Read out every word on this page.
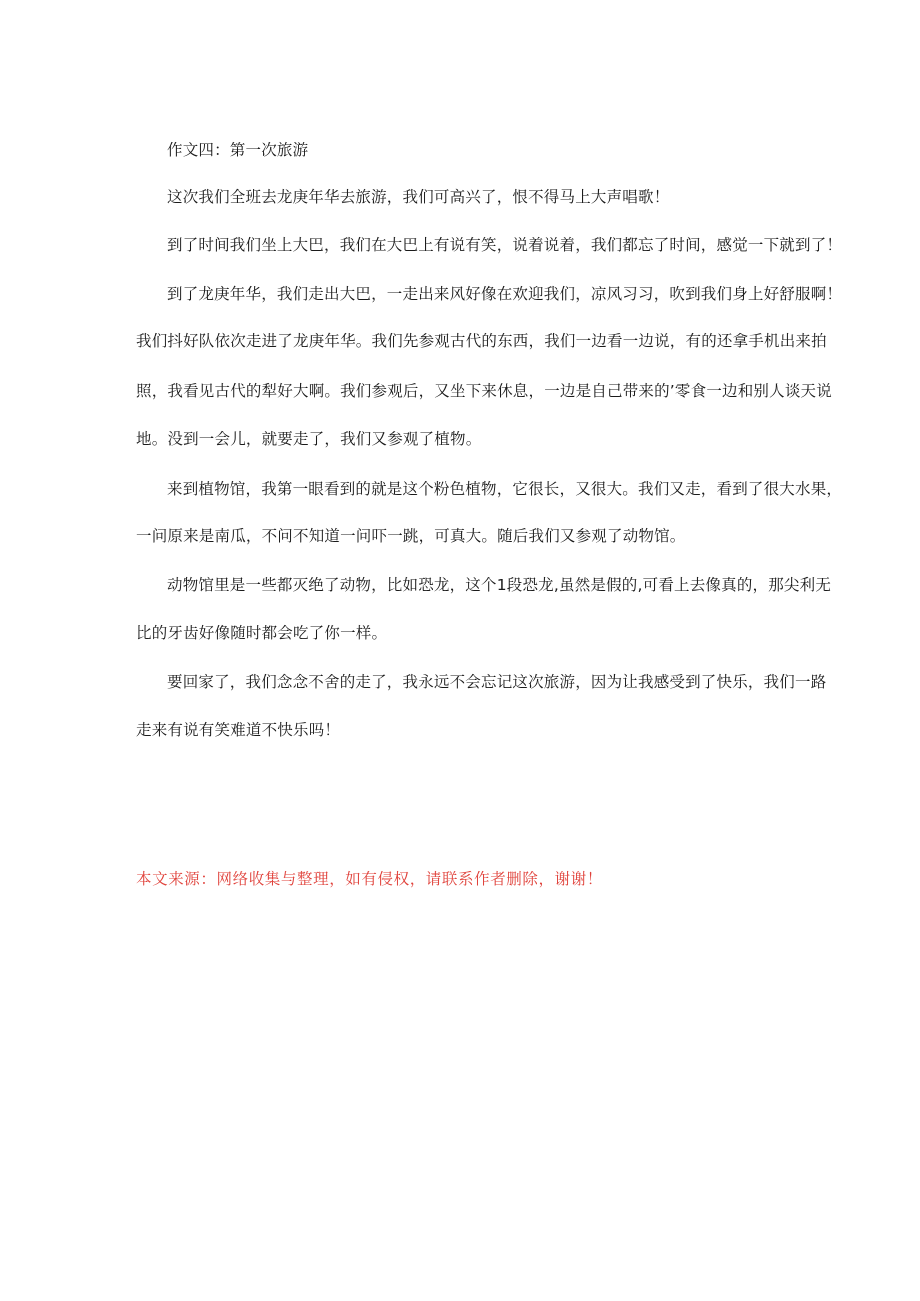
作文四：第一次旅游
这次我们全班去龙庚年华去旅游，我们可高兴了，恨不得马上大声唱歌！
到了时间我们坐上大巴，我们在大巴上有说有笑，说着说着，我们都忘了时间，感觉一下就到了！
到了龙庚年华，我们走出大巴，一走出来风好像在欢迎我们，凉风习习，吹到我们身上好舒服啊！
我们抖好队依次走进了龙庚年华。我们先参观古代的东西，我们一边看一边说，有的还拿手机出来拍
照，我看见古代的犁好大啊。我们参观后，又坐下来休息，一边是自己带来的’零食一边和别人谈天说
地。没到一会儿，就要走了，我们又参观了植物。
来到植物馆，我第一眼看到的就是这个粉色植物，它很长，又很大。我们又走，看到了很大水果，
一问原来是南瓜，不问不知道一问吓一跳，可真大。随后我们又参观了动物馆。
动物馆里是一些都灭绝了动物，比如恐龙，这个1段恐龙,虽然是假的,可看上去像真的，那尖利无
比的牙齿好像随时都会吃了你一样。
要回家了，我们念念不舍的走了，我永远不会忘记这次旅游，因为让我感受到了快乐，我们一路
走来有说有笑难道不快乐吗！
本文来源：网络收集与整理，如有侵权，请联系作者删除，谢谢！
